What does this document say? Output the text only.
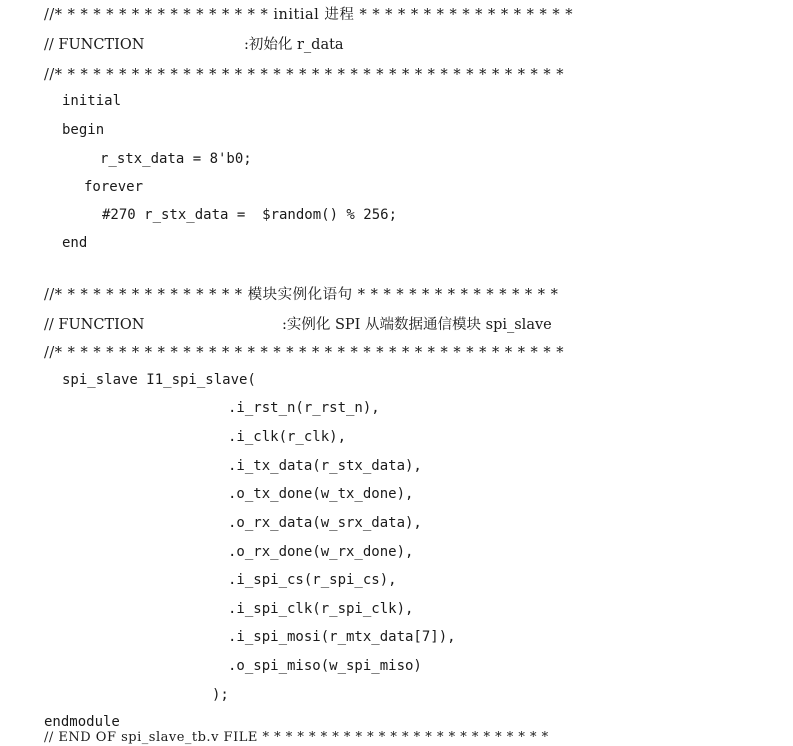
//* * * * * * * * * * * * * * * * * initial 进程 * * * * * * * * * * * * * * * * *
// FUNCTION	:初始化 r_data
//* * * * * * * * * * * * * * * * * * * * * * * * * * * * * * * * * * * * * * * *
initial
begin
r_stx_data = 8'b0;
forever
#270 r_stx_data =  $random() % 256;
end
//* * * * * * * * * * * * * * * 模块实例化语句 * * * * * * * * * * * * * * * *
// FUNCTION	:实例化 SPI 从端数据通信模块 spi_slave
//* * * * * * * * * * * * * * * * * * * * * * * * * * * * * * * * * * * * * * * *
spi_slave I1_spi_slave(
.i_rst_n(r_rst_n),
.i_clk(r_clk),
.i_tx_data(r_stx_data),
.o_tx_done(w_tx_done),
.o_rx_data(w_srx_data),
.o_rx_done(w_rx_done),
.i_spi_cs(r_spi_cs),
.i_spi_clk(r_spi_clk),
.i_spi_mosi(r_mtx_data[7]),
.o_spi_miso(w_spi_miso)
);
endmodule
// END OF spi_slave_tb.v FILE * * * * * * * * * * * * * * * * * * * * * * * * *
